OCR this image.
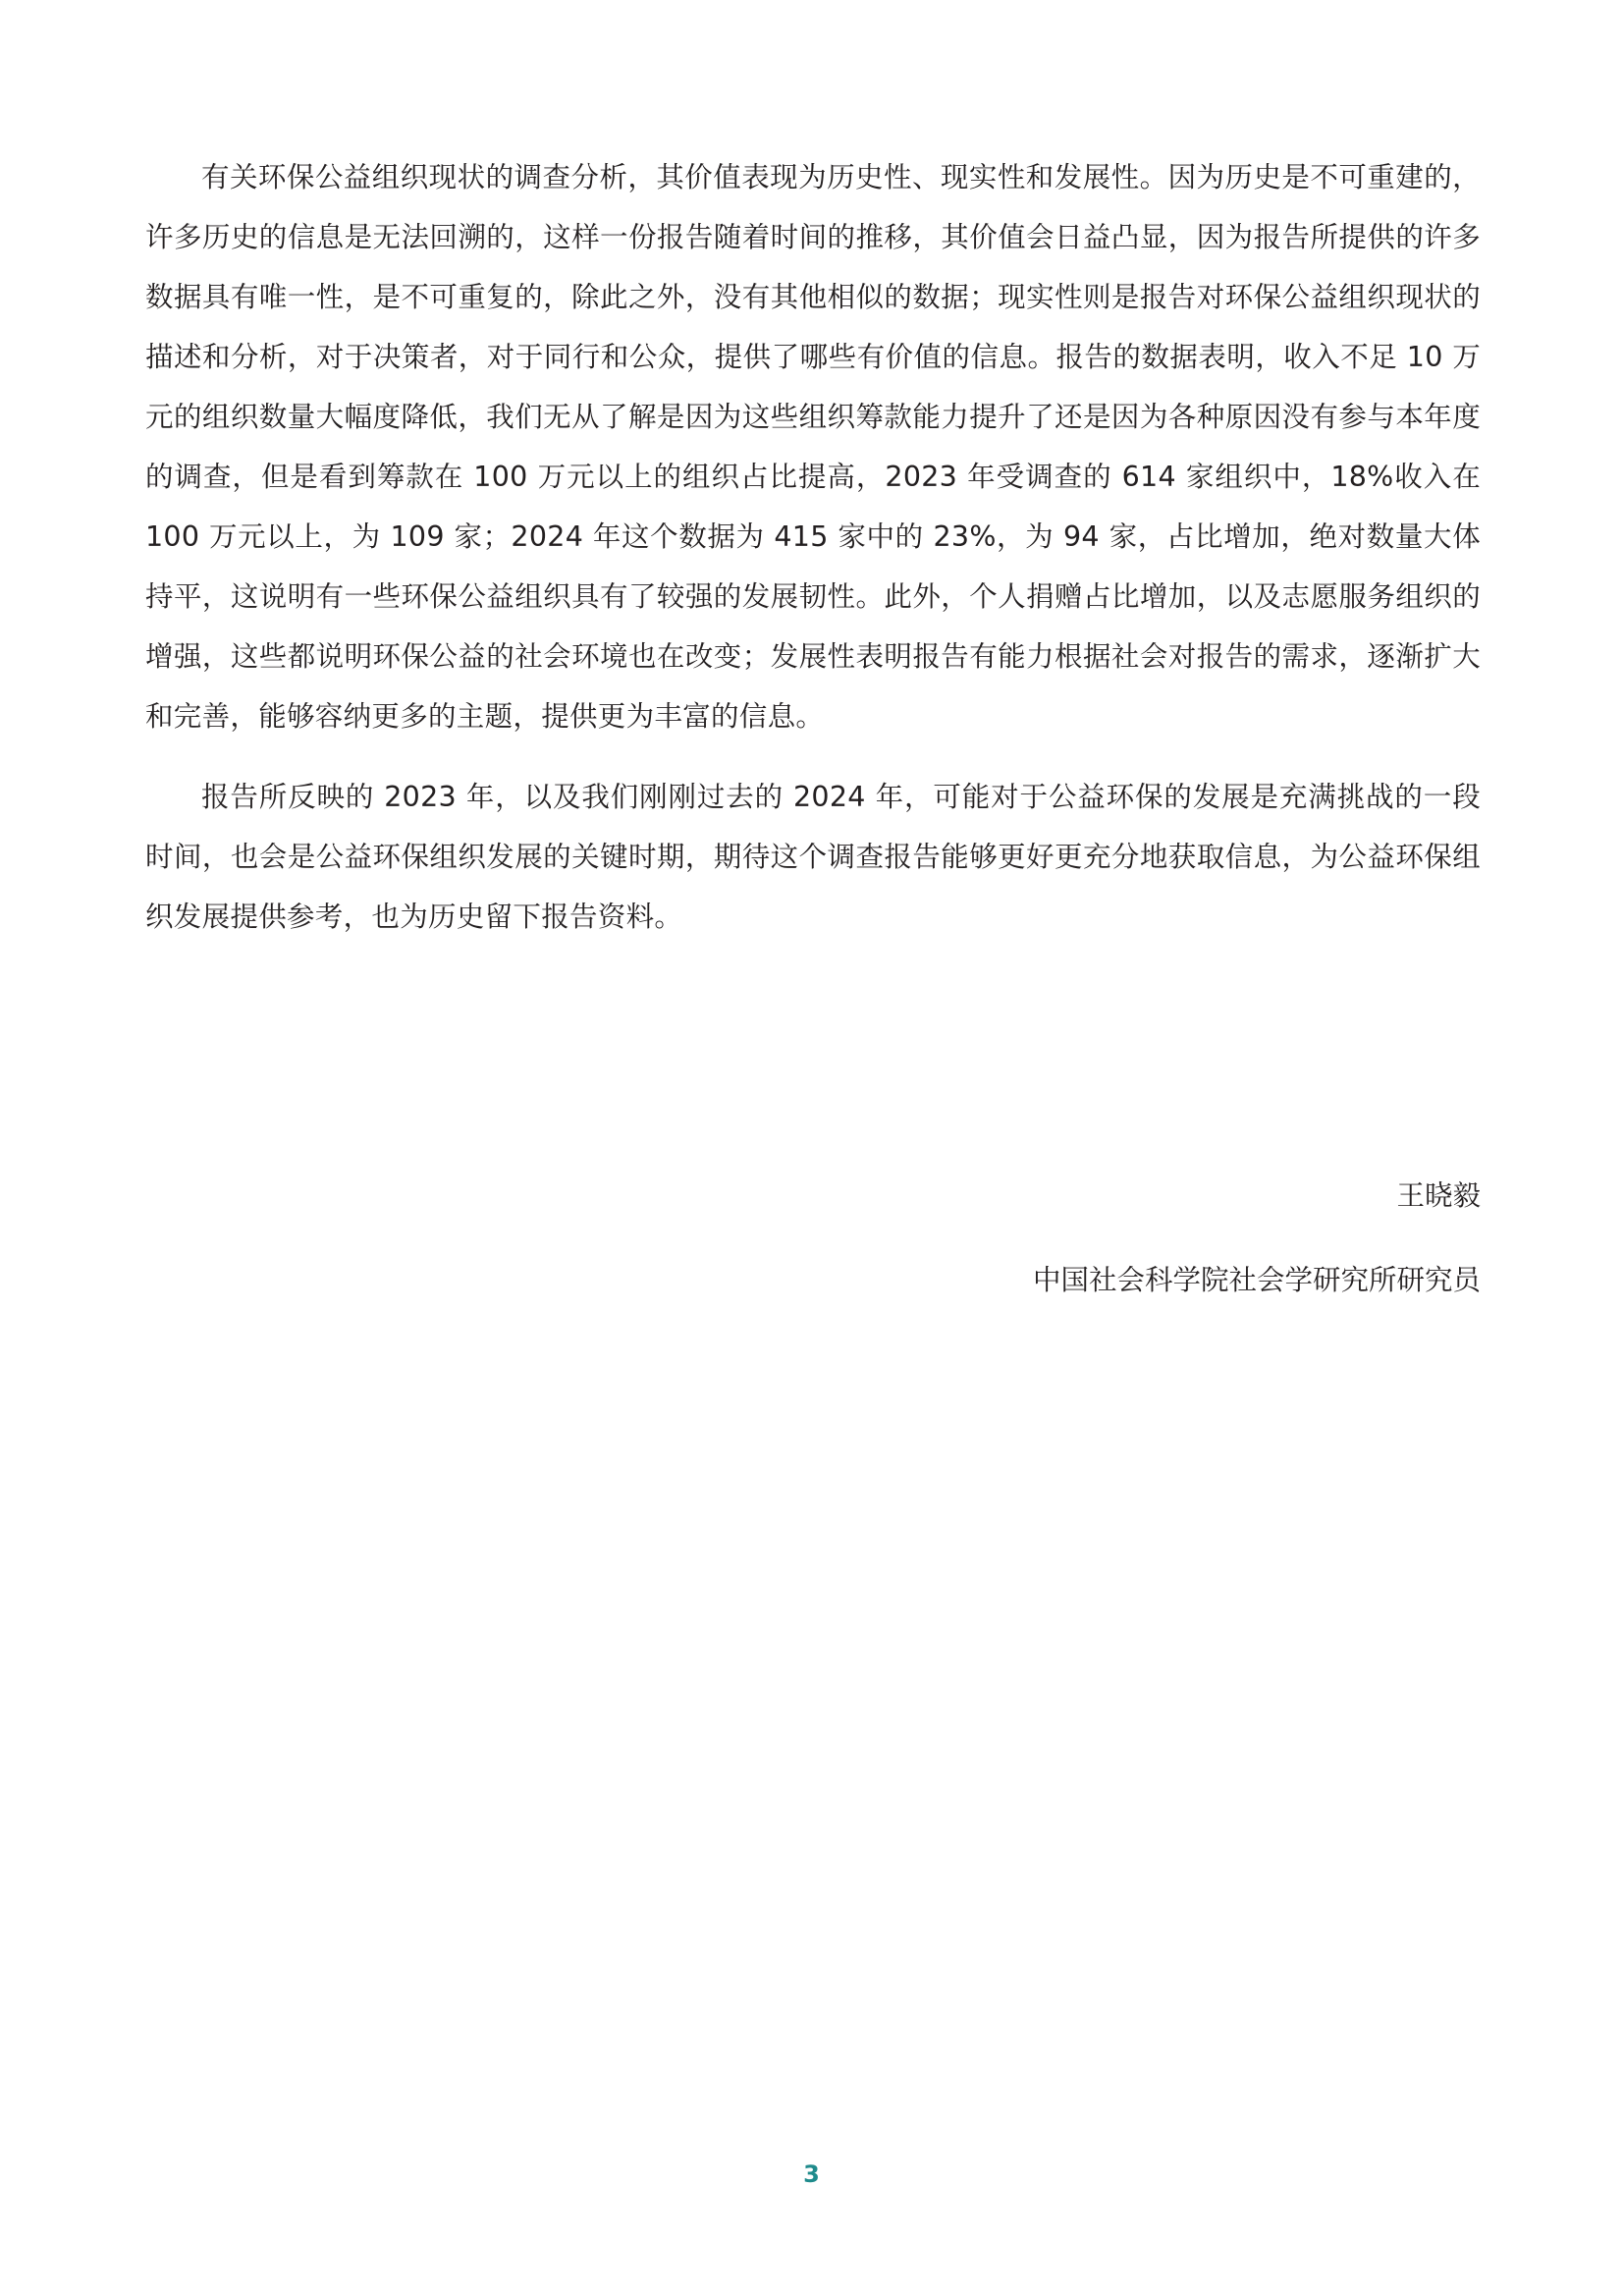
有关环保公益组织现状的调查分析，其价值表现为历史性、现实性和发展性。因为历史是不可重建的，许多历史的信息是无法回溯的，这样一份报告随着时间的推移，其价值会日益凸显，因为报告所提供的许多数据具有唯一性，是不可重复的，除此之外，没有其他相似的数据；现实性则是报告对环保公益组织现状的描述和分析，对于决策者，对于同行和公众，提供了哪些有价值的信息。报告的数据表明，收入不足 10 万元的组织数量大幅度降低，我们无从了解是因为这些组织筹款能力提升了还是因为各种原因没有参与本年度的调查，但是看到筹款在 100 万元以上的组织占比提高，2023 年受调查的 614 家组织中，18%收入在 100 万元以上，为 109 家；2024 年这个数据为 415 家中的 23%，为 94 家，占比增加，绝对数量大体持平，这说明有一些环保公益组织具有了较强的发展韧性。此外，个人捐赠占比增加，以及志愿服务组织的增强，这些都说明环保公益的社会环境也在改变；发展性表明报告有能力根据社会对报告的需求，逐渐扩大和完善，能够容纳更多的主题，提供更为丰富的信息。

报告所反映的 2023 年，以及我们刚刚过去的 2024 年，可能对于公益环保的发展是充满挑战的一段时间，也会是公益环保组织发展的关键时期，期待这个调查报告能够更好更充分地获取信息，为公益环保组织发展提供参考，也为历史留下报告资料。

王晓毅
中国社会科学院社会学研究所研究员
3
